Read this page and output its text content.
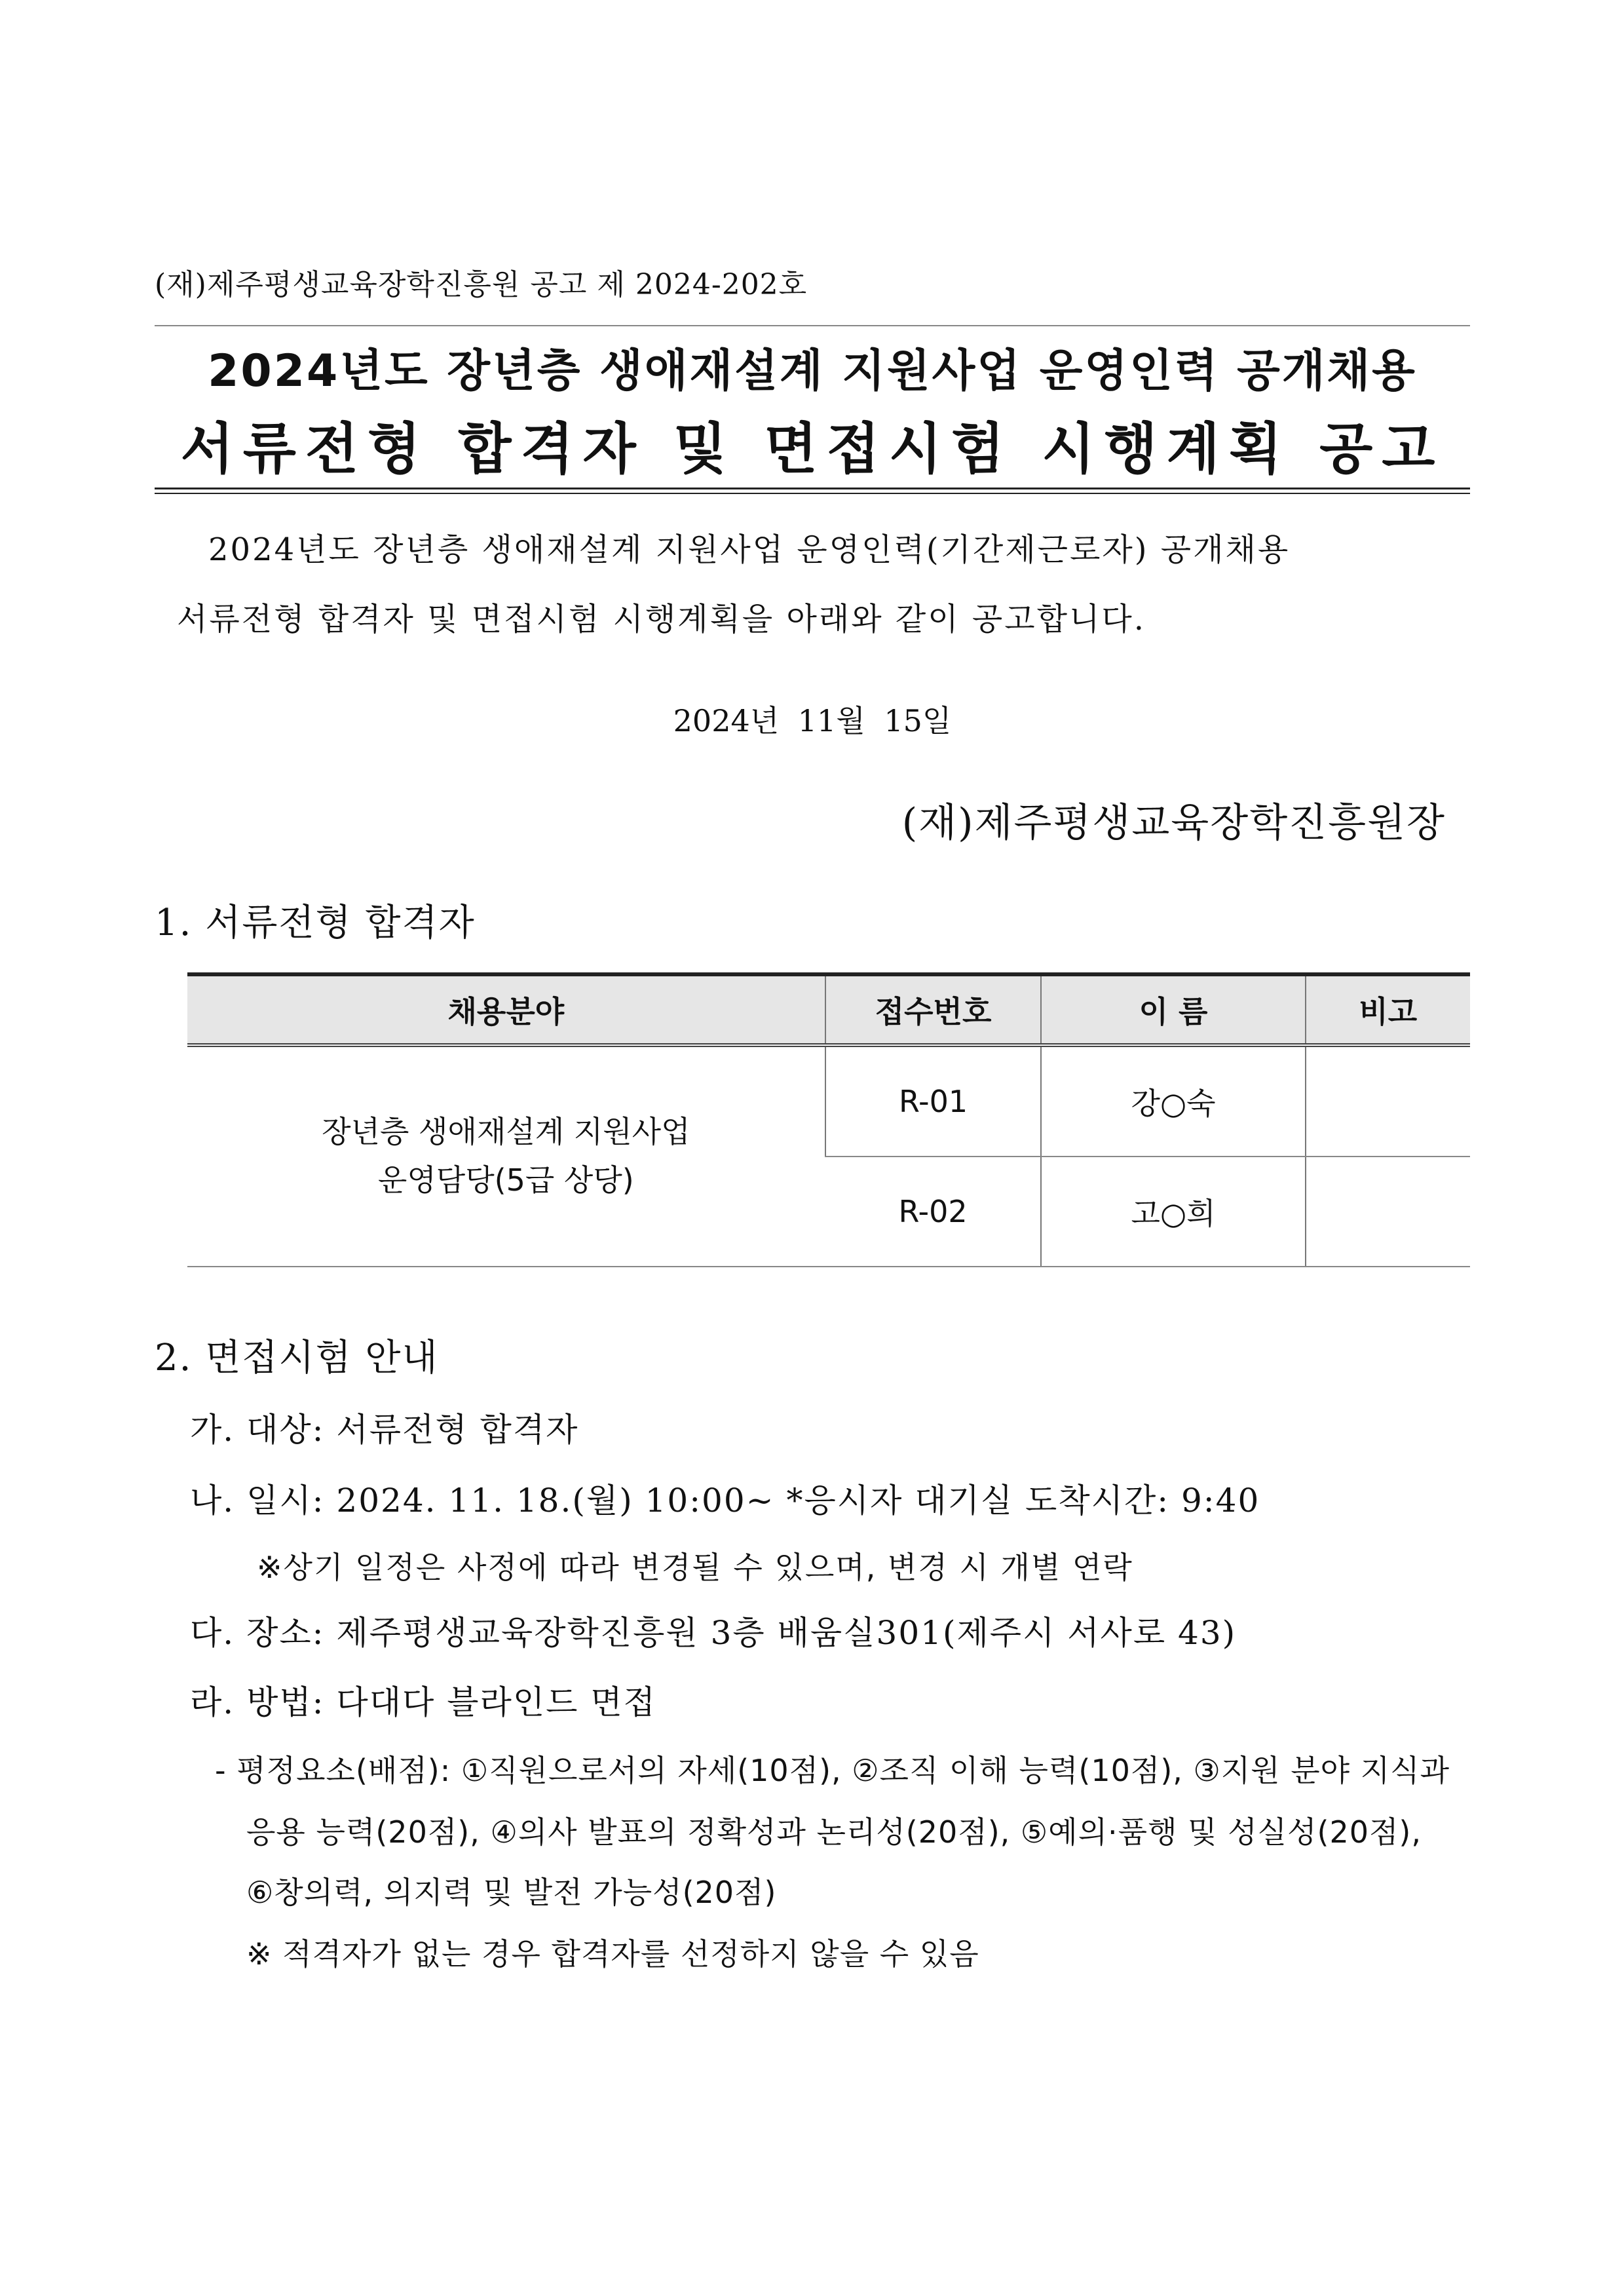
(재)제주평생교육장학진흥원 공고 제 2024-202호
2024년도 장년층 생애재설계 지원사업 운영인력 공개채용
서류전형 합격자 및 면접시험 시행계획 공고
2024년도 장년층 생애재설계 지원사업 운영인력(기간제근로자) 공개채용
서류전형 합격자 및 면접시험 시행계획을 아래와 같이 공고합니다.
2024년 11월 15일
(재)제주평생교육장학진흥원장
1. 서류전형 합격자
채용분야	접수번호	이 름	비고

장년층 생애재설계 지원사업
운영담당(5급 상당)	R-01	강○숙	
	R-02	고○희	
2. 면접시험 안내
가. 대상: 서류전형 합격자
나. 일시: 2024. 11. 18.(월) 10:00~ *응시자 대기실 도착시간: 9:40
※상기 일정은 사정에 따라 변경될 수 있으며, 변경 시 개별 연락
다. 장소: 제주평생교육장학진흥원 3층 배움실301(제주시 서사로 43)
라. 방법: 다대다 블라인드 면접
- 평정요소(배점): ①직원으로서의 자세(10점), ②조직 이해 능력(10점), ③지원 분야 지식과
응용 능력(20점), ④의사 발표의 정확성과 논리성(20점), ⑤예의·품행 및 성실성(20점),
⑥창의력, 의지력 및 발전 가능성(20점)
※ 적격자가 없는 경우 합격자를 선정하지 않을 수 있음
